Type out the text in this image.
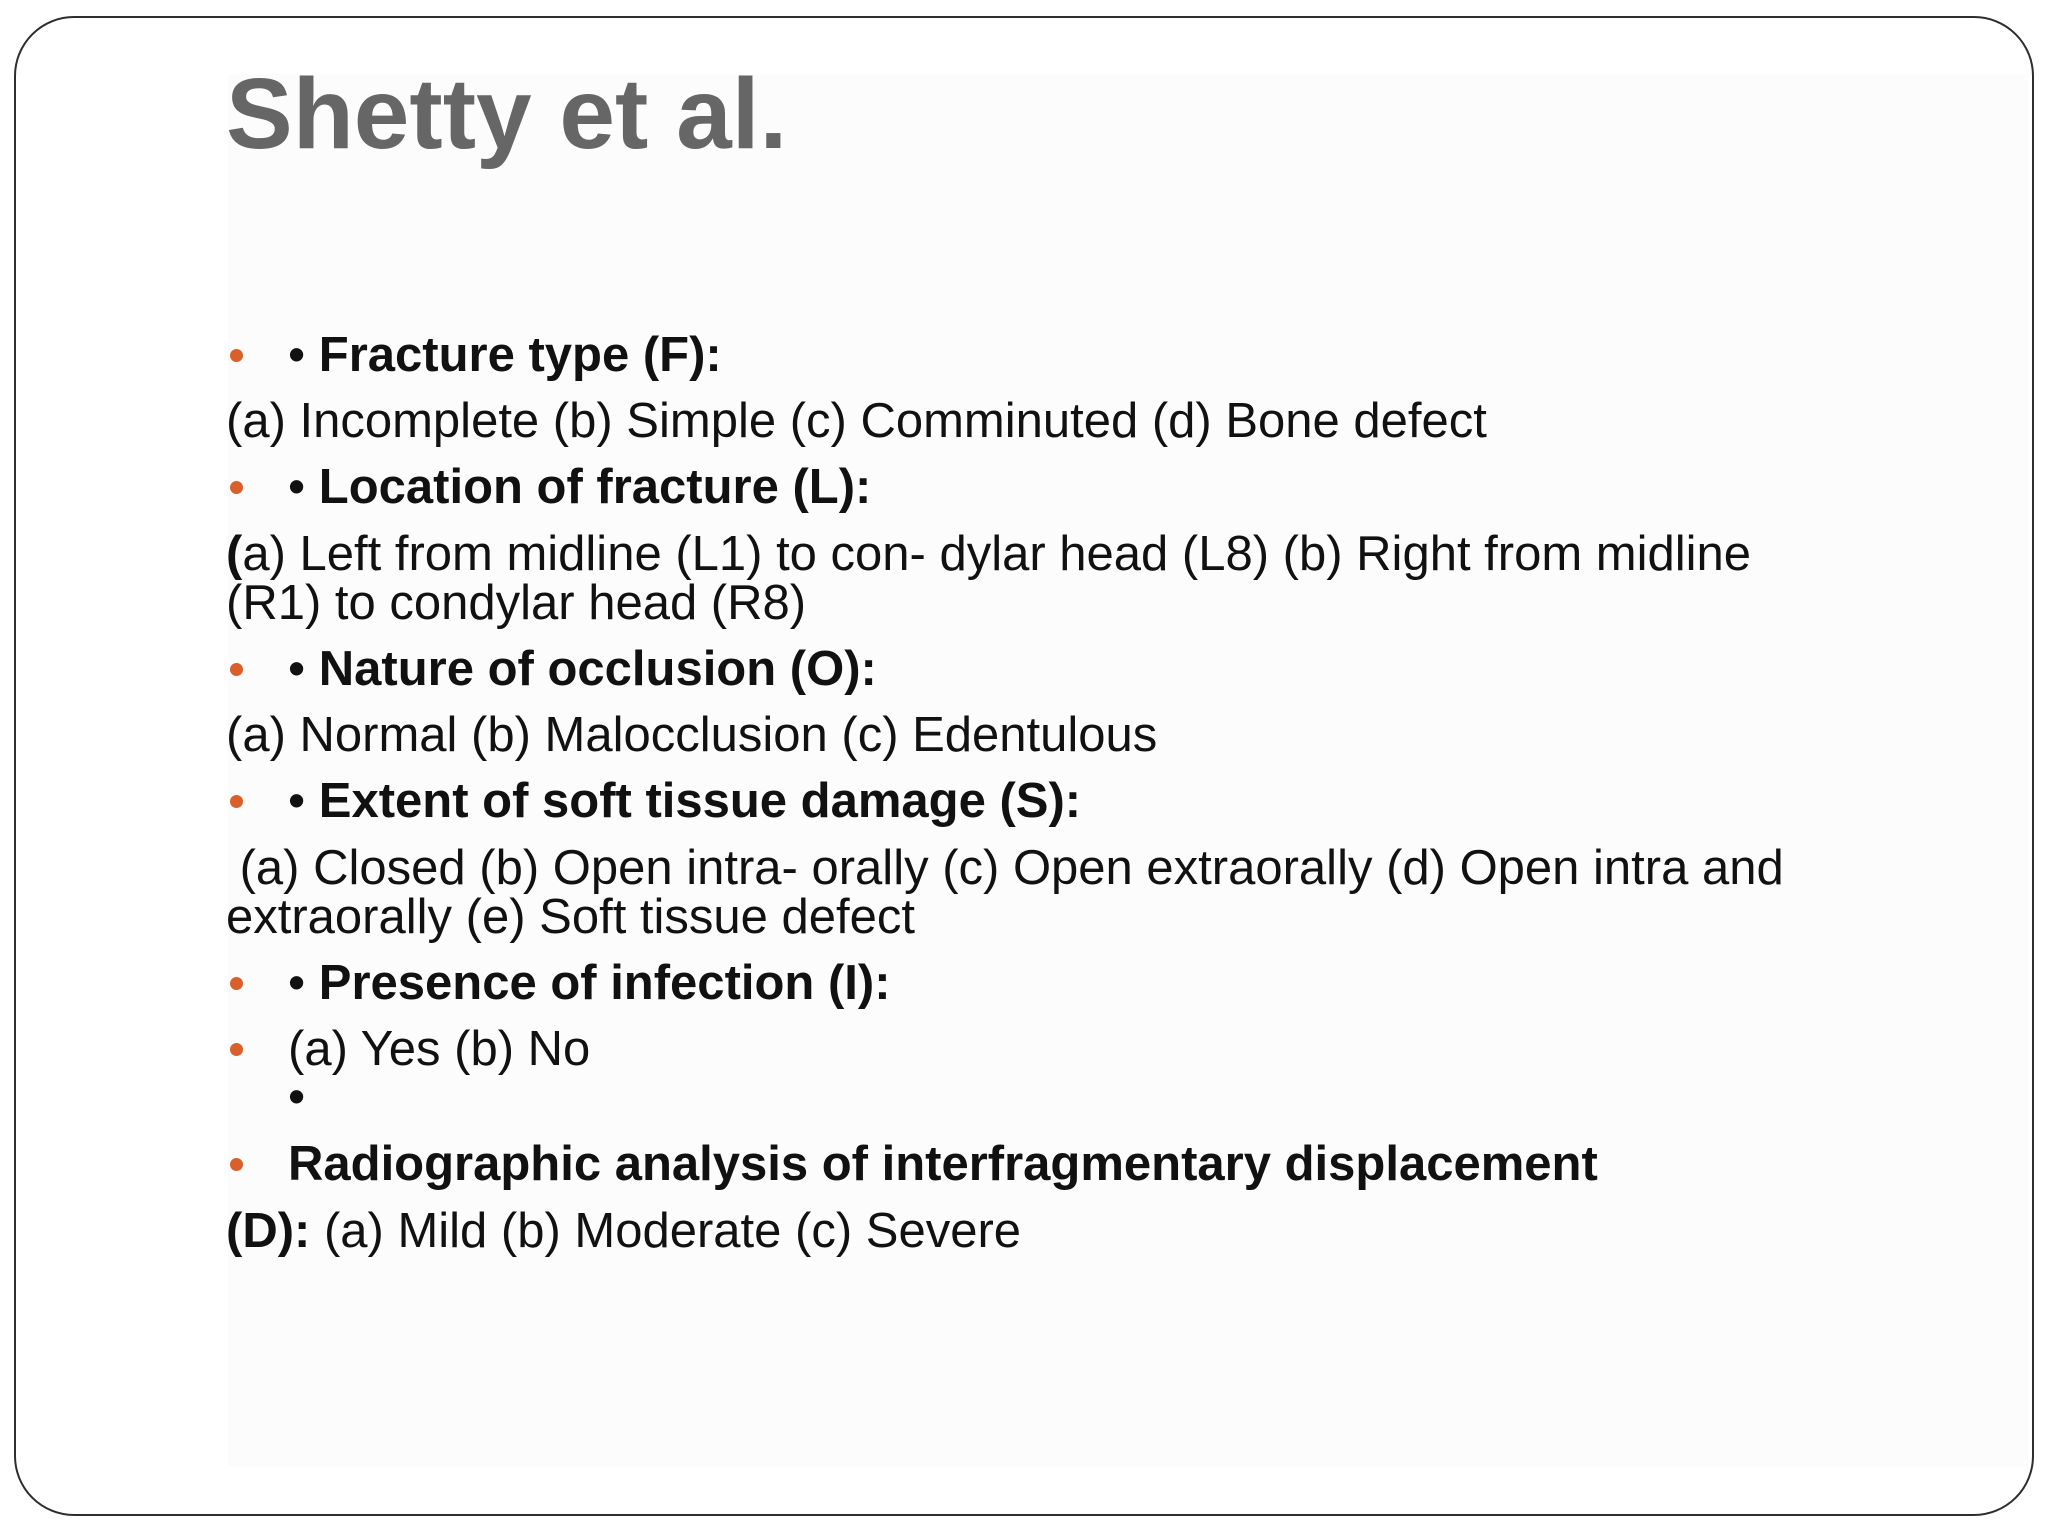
Shetty et al.
• Fracture type (F):
(a) Incomplete (b) Simple (c) Comminuted (d) Bone defect
• Location of fracture (L):
(a) Left from midline (L1) to con- dylar head (L8) (b) Right from midline
(R1) to condylar head (R8)
• Nature of occlusion (O):
(a) Normal (b) Malocclusion (c) Edentulous
• Extent of soft tissue damage (S):
(a) Closed (b) Open intra- orally (c) Open extraorally (d) Open intra and
extraorally (e) Soft tissue defect
• Presence of infection (I):
(a) Yes (b) No
•
Radiographic analysis of interfragmentary displacement
(D): (a) Mild (b) Moderate (c) Severe
